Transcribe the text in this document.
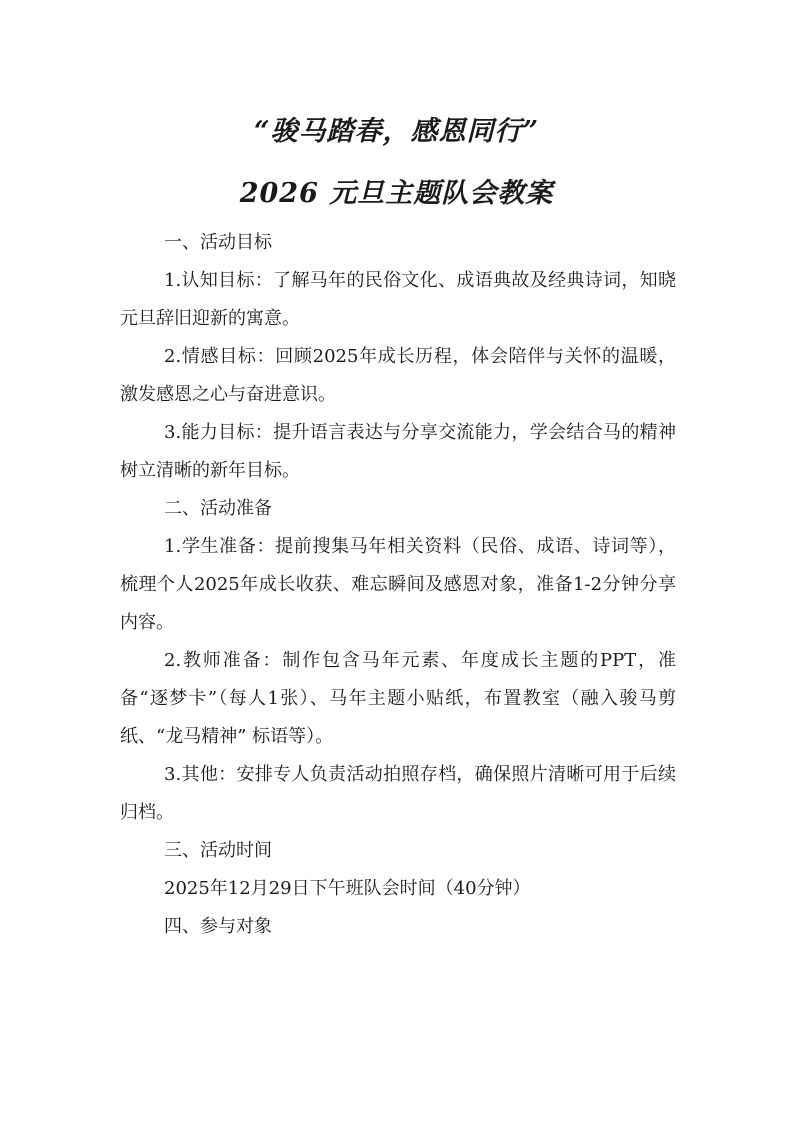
“骏马踏春，感恩同行”
2026 元旦主题队会教案

一、活动目标

1.认知目标：了解马年的民俗文化、成语典故及经典诗词，知晓元旦辞旧迎新的寓意。

2.情感目标：回顾2025年成长历程，体会陪伴与关怀的温暖，激发感恩之心与奋进意识。

3.能力目标：提升语言表达与分享交流能力，学会结合马的精神树立清晰的新年目标。

二、活动准备

1.学生准备：提前搜集马年相关资料（民俗、成语、诗词等），梳理个人2025年成长收获、难忘瞬间及感恩对象，准备1-2分钟分享内容。

2.教师准备：制作包含马年元素、年度成长主题的PPT，准备“逐梦卡”（每人1张）、马年主题小贴纸，布置教室（融入骏马剪纸、“龙马精神” 标语等）。

3.其他：安排专人负责活动拍照存档，确保照片清晰可用于后续归档。

三、活动时间

2025年12月29日下午班队会时间（40分钟）

四、参与对象
